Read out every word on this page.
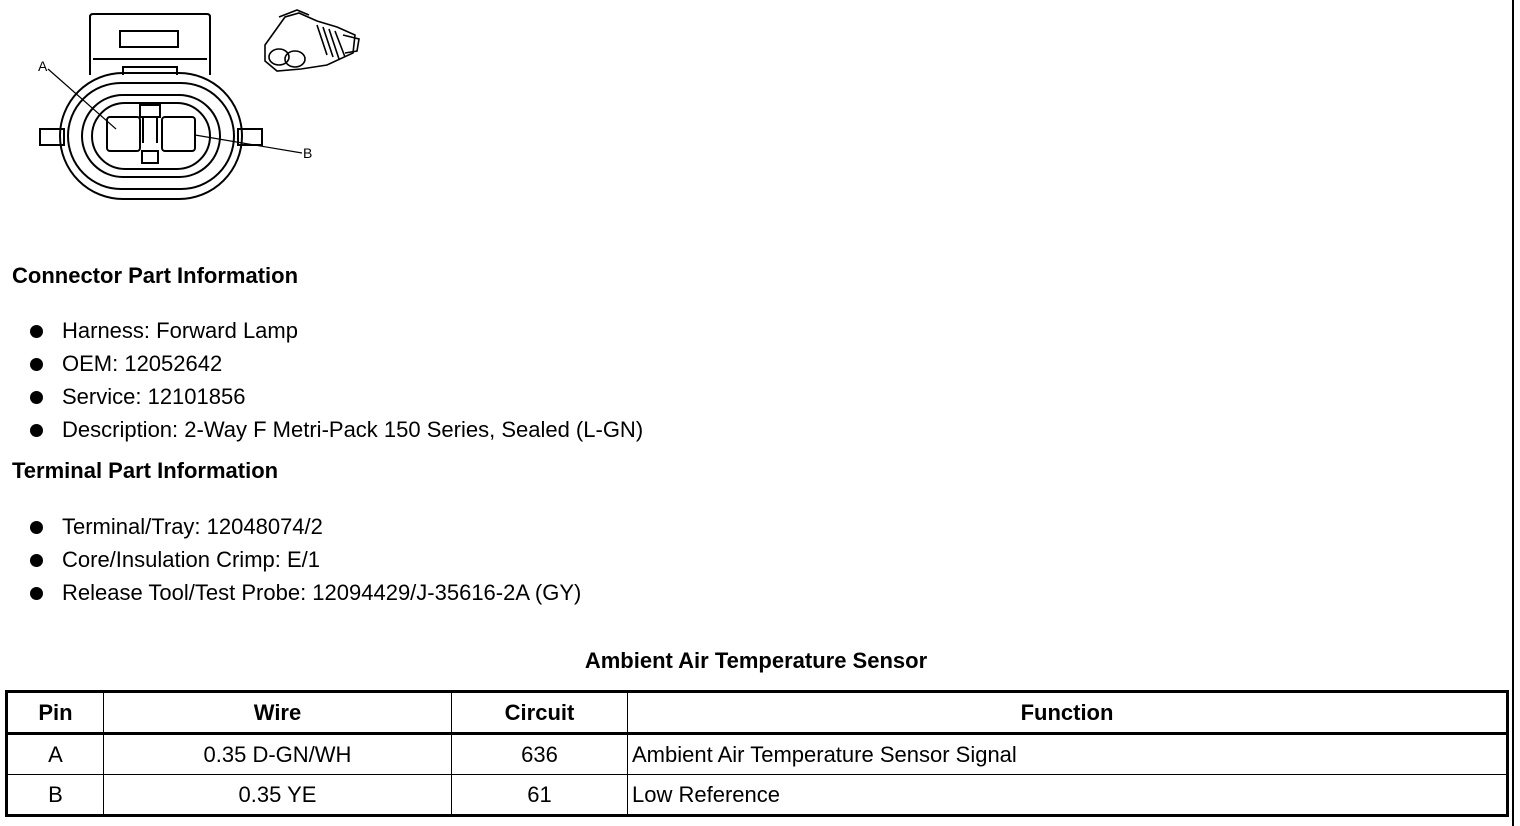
A
B
Connector Part Information
Harness: Forward Lamp
OEM: 12052642
Service: 12101856
Description: 2-Way F Metri-Pack 150 Series, Sealed (L-GN)
Terminal Part Information
Terminal/Tray: 12048074/2
Core/Insulation Crimp: E/1
Release Tool/Test Probe: 12094429/J-35616-2A (GY)
Ambient Air Temperature Sensor
Pin	Wire	Circuit	Function
A	0.35 D-GN/WH	636	Ambient Air Temperature Sensor Signal
B	0.35 YE	61	Low Reference
